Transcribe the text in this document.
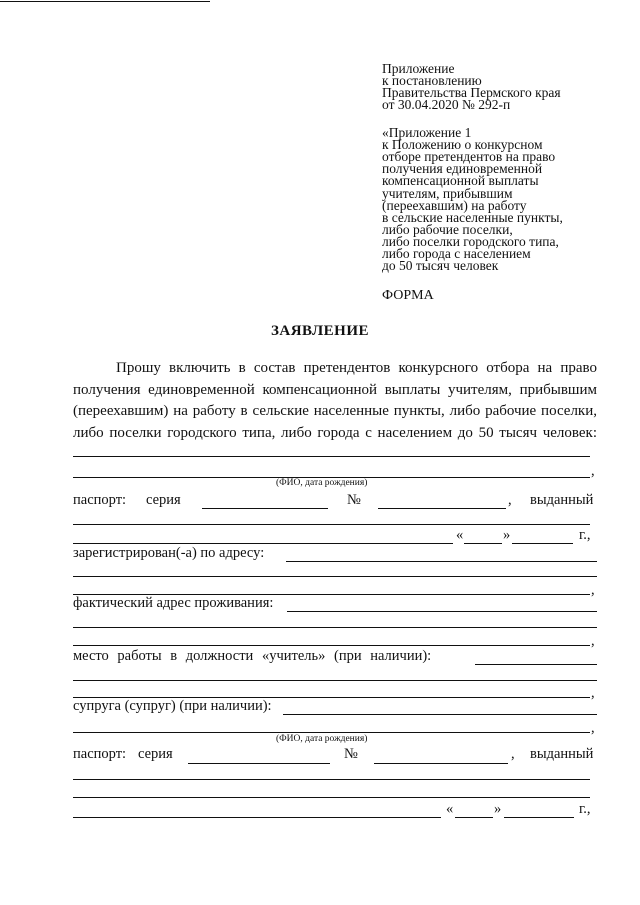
Приложение
к постановлению
Правительства Пермского края
от 30.04.2020 № 292-п
«Приложение 1
к Положению о конкурсном
отборе претендентов на право
получения единовременной
компенсационной выплаты
учителям, прибывшим
(переехавшим) на работу
в сельские населенные пункты,
либо рабочие поселки,
либо поселки городского типа,
либо города с населением
до 50 тысяч человек
ФОРМА
ЗАЯВЛЕНИЕ
Прошу включить в состав претендентов конкурсного отбора на право
получения единовременной компенсационной выплаты учителям, прибывшим
(переехавшим) на работу в сельские населенные пункты, либо рабочие поселки,
либо поселки городского типа, либо города с населением до 50 тысяч человек:
,
(ФИО, дата рождения)
паспорт: серия	№	, выданный
«	»	г.,
зарегистрирован(-а) по адресу:
,
фактический адрес проживания:
,
место работы в должности «учитель» (при наличии):
,
супруга (супруг) (при наличии):
,
(ФИО, дата рождения)
паспорт: серия	№	, выданный
«	»	г.,
